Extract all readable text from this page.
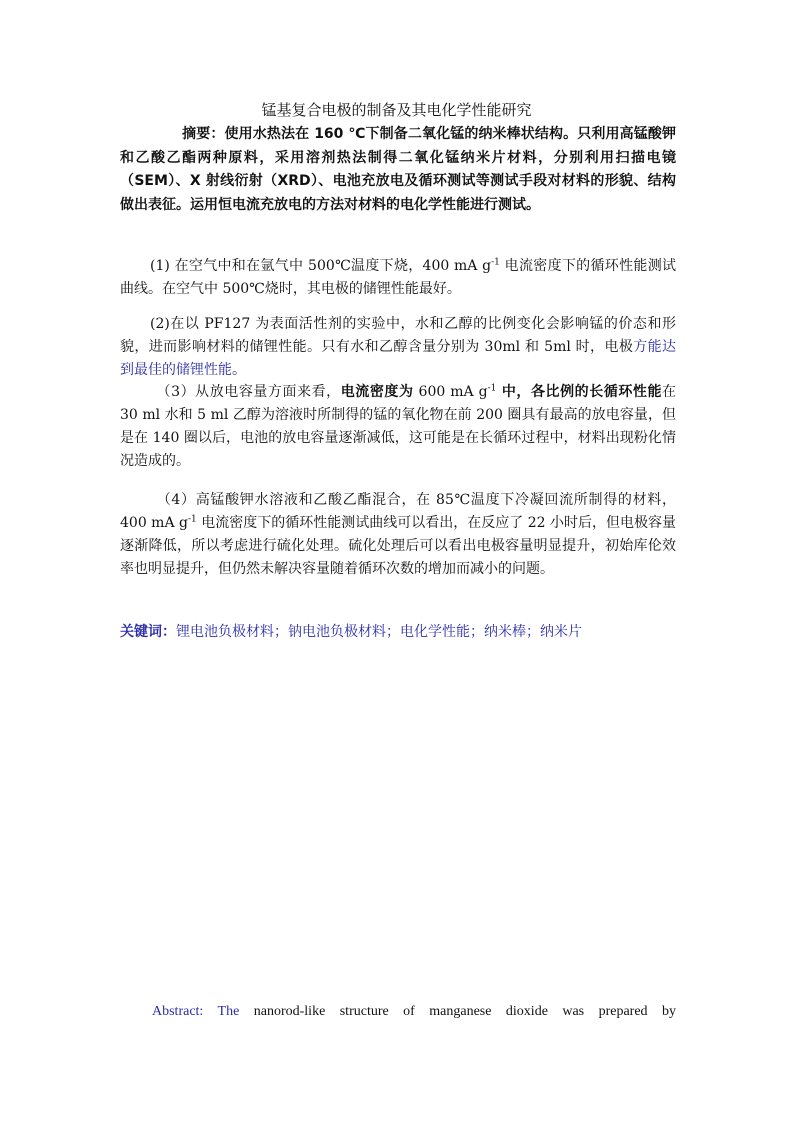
锰基复合电极的制备及其电化学性能研究
摘要：使用水热法在 160 ℃下制备二氧化锰的纳米棒状结构。只利用高锰酸钾和乙酸乙酯两种原料，采用溶剂热法制得二氧化锰纳米片材料，分别利用扫描电镜（SEM）、X 射线衍射（XRD）、电池充放电及循环测试等测试手段对材料的形貌、结构做出表征。运用恒电流充放电的方法对材料的电化学性能进行测试。
(1) 在空气中和在氩气中 500℃温度下烧，400 mA $g^{-1}$ 电流密度下的循环性能测试曲线。在空气中 500℃烧时，其电极的储锂性能最好。
(2)在以 PF127 为表面活性剂的实验中，水和乙醇的比例变化会影响锰的价态和形貌，进而影响材料的储锂性能。只有水和乙醇含量分别为 30ml 和 5ml 时，电极方能达到最佳的储锂性能。
（3）从放电容量方面来看，电流密度为 600 mA $g^{-1}$ 中，各比例的长循环性能在 30 ml 水和 5 ml 乙醇为溶液时所制得的锰的氧化物在前 200 圈具有最高的放电容量，但是在 140 圈以后，电池的放电容量逐渐减低，这可能是在长循环过程中，材料出现粉化情况造成的。
（4）高锰酸钾水溶液和乙酸乙酯混合，在 85℃温度下冷凝回流所制得的材料，400 mA $g^{-1}$ 电流密度下的循环性能测试曲线可以看出，在反应了 22 小时后，但电极容量逐渐降低，所以考虑进行硫化处理。硫化处理后可以看出电极容量明显提升，初始库伦效率也明显提升，但仍然未解决容量随着循环次数的增加而减小的问题。
关键词：锂电池负极材料；钠电池负极材料；电化学性能；纳米棒；纳米片
Abstract: The nanorod-like structure of manganese dioxide was prepared by
